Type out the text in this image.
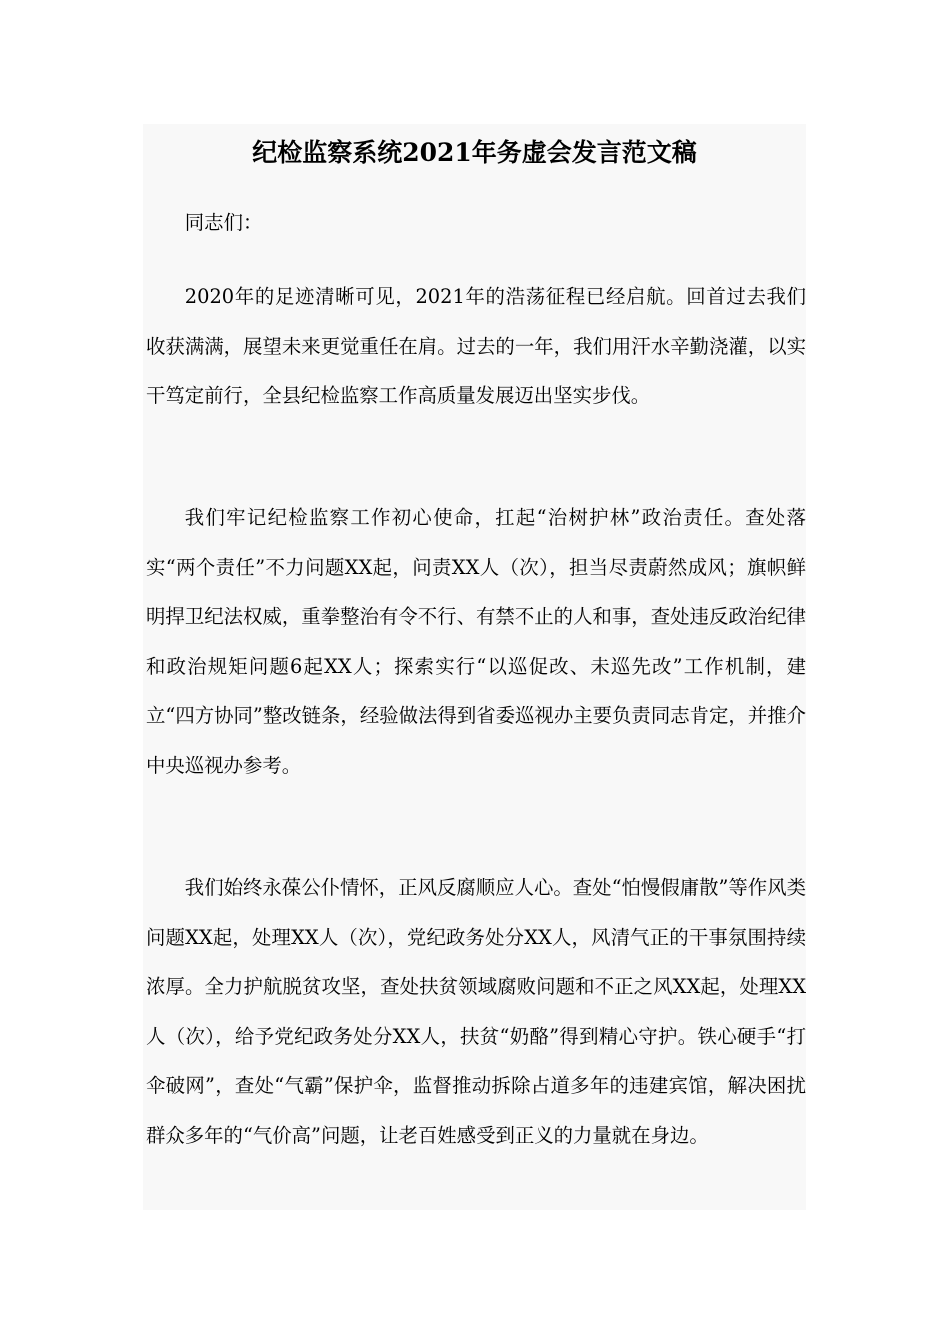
纪检监察系统2021年务虚会发言范文稿

同志们：

2020年的足迹清晰可见，2021年的浩荡征程已经启航。回首过去我们收获满满，展望未来更觉重任在肩。过去的一年，我们用汗水辛勤浇灌，以实干笃定前行，全县纪检监察工作高质量发展迈出坚实步伐。

我们牢记纪检监察工作初心使命，扛起“治树护林”政治责任。查处落实“两个责任”不力问题XX起，问责XX人（次），担当尽责蔚然成风；旗帜鲜明捍卫纪法权威，重拳整治有令不行、有禁不止的人和事，查处违反政治纪律和政治规矩问题6起XX人；探索实行“以巡促改、未巡先改”工作机制，建立“四方协同”整改链条，经验做法得到省委巡视办主要负责同志肯定，并推介中央巡视办参考。

我们始终永葆公仆情怀，正风反腐顺应人心。查处“怕慢假庸散”等作风类问题XX起，处理XX人（次），党纪政务处分XX人，风清气正的干事氛围持续浓厚。全力护航脱贫攻坚，查处扶贫领域腐败问题和不正之风XX起，处理XX人（次），给予党纪政务处分XX人，扶贫“奶酪”得到精心守护。铁心硬手“打伞破网”，查处“气霸”保护伞，监督推动拆除占道多年的违建宾馆，解决困扰群众多年的“气价高”问题，让老百姓感受到正义的力量就在身边。
